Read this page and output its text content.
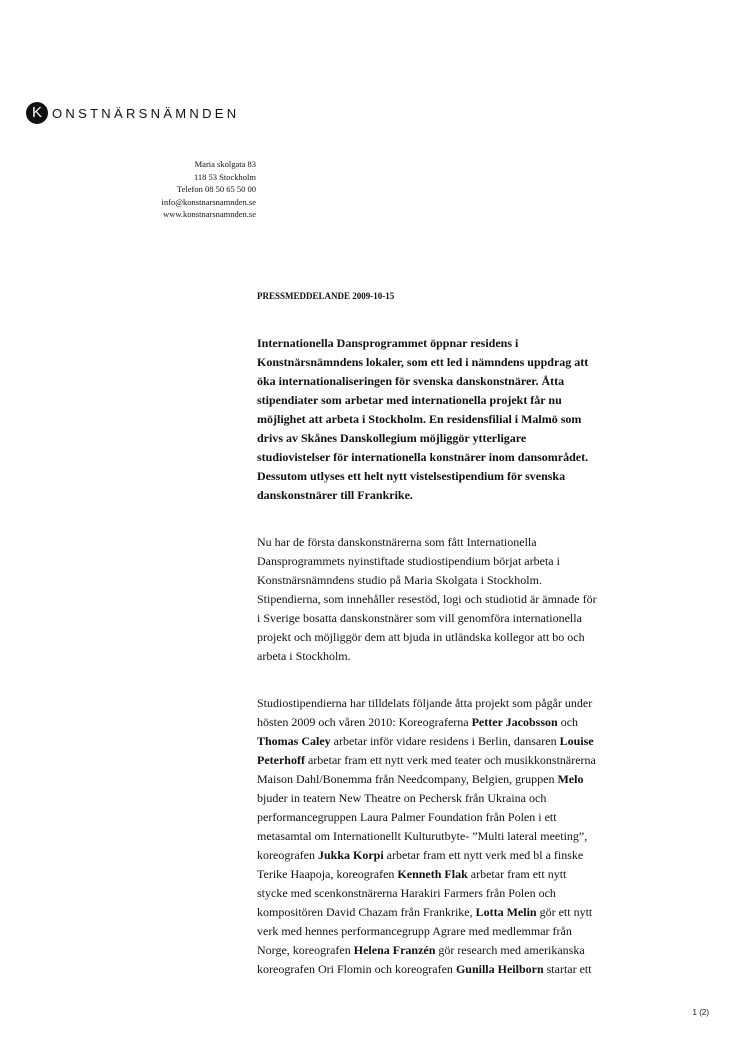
K ONSTNÄRSNÄMNDEN
Maria skolgata 83
118 53 Stockholm
Telefon 08 50 65 50 00
info@konstnarsnamnden.se
www.konstnarsnamnden.se
PRESSMEDDELANDE 2009-10-15
Internationella Dansprogrammet öppnar residens i
Konstnärsnämndens lokaler, som ett led i nämndens uppdrag att
öka internationaliseringen för svenska danskonstnärer. Åtta
stipendiater som arbetar med internationella projekt får nu
möjlighet att arbeta i Stockholm. En residensfilial i Malmö som
drivs av Skånes Danskollegium möjliggör ytterligare
studiovistelser för internationella konstnärer inom dansområdet.
Dessutom utlyses ett helt nytt vistelsestipendium för svenska
danskonstnärer till Frankrike.
Nu har de första danskonstnärerna som fått Internationella
Dansprogrammets nyinstiftade studiostipendium börjat arbeta i
Konstnärsnämndens studio på Maria Skolgata i Stockholm.
Stipendierna, som innehåller resestöd, logi och studiotid är ämnade för
i Sverige bosatta danskonstnärer som vill genomföra internationella
projekt och möjliggör dem att bjuda in utländska kollegor att bo och
arbeta i Stockholm.
Studiostipendierna har tilldelats följande åtta projekt som pågår under
hösten 2009 och våren 2010: Koreograferna Petter Jacobsson och
Thomas Caley arbetar inför vidare residens i Berlin, dansaren Louise
Peterhoff arbetar fram ett nytt verk med teater och musikkonstnärerna
Maison Dahl/Bonemma från Needcompany, Belgien, gruppen Melo
bjuder in teatern New Theatre on Pechersk från Ukraina och
performancegruppen Laura Palmer Foundation från Polen i ett
metasamtal om Internationellt Kulturutbyte- ”Multi lateral meeting”,
koreografen Jukka Korpi arbetar fram ett nytt verk med bl a finske
Terike Haapoja, koreografen Kenneth Flak arbetar fram ett nytt
stycke med scenkonstnärerna Harakiri Farmers från Polen och
kompositören David Chazam från Frankrike, Lotta Melin gör ett nytt
verk med hennes performancegrupp Agrare med medlemmar från
Norge, koreografen Helena Franzén gör research med amerikanska
koreografen Ori Flomin och koreografen Gunilla Heilborn startar ett
1 (2)
